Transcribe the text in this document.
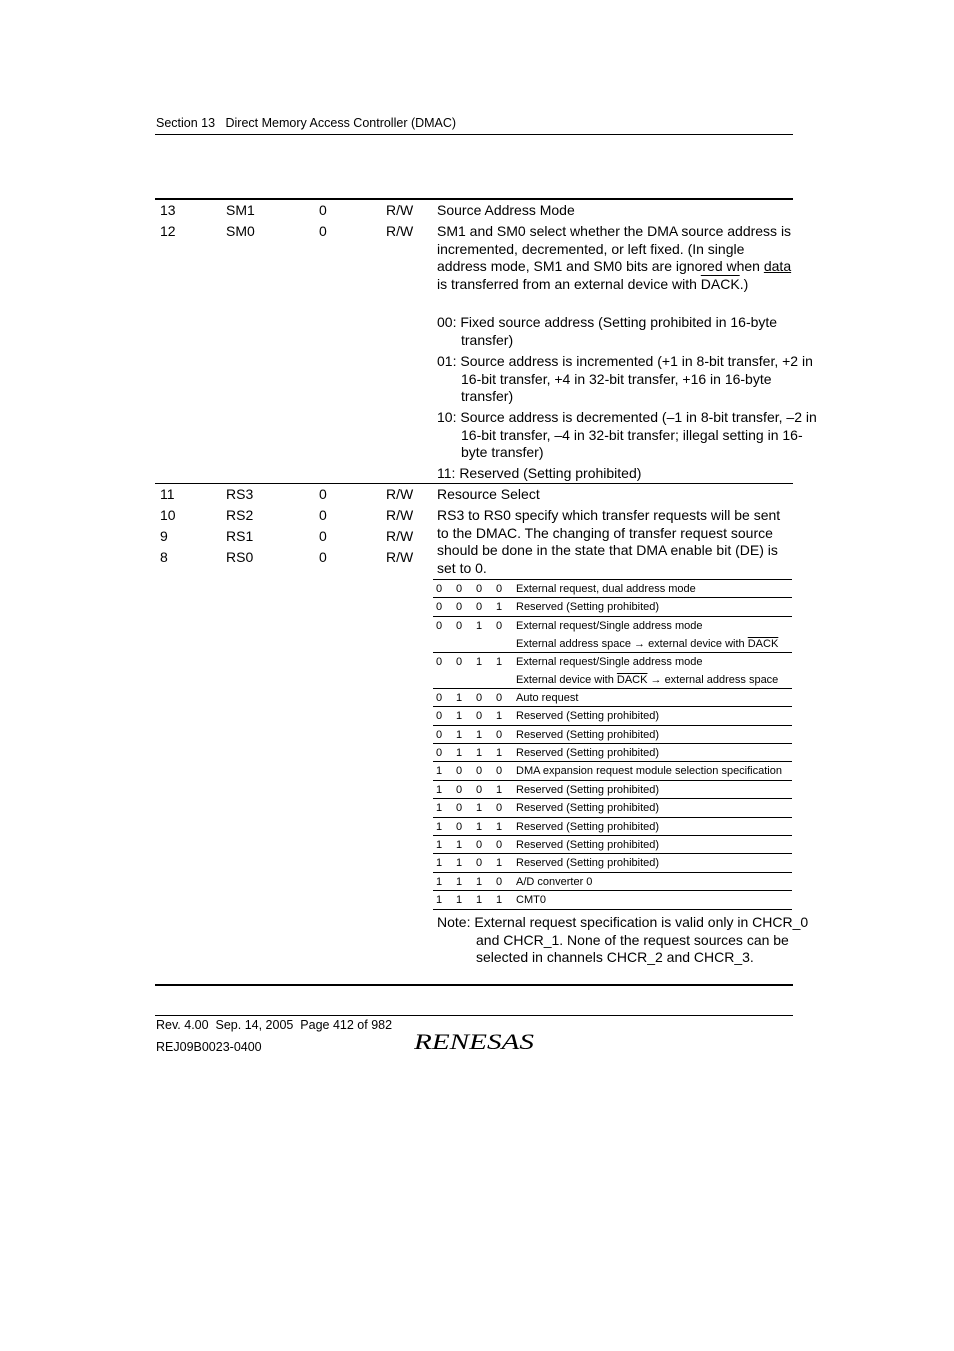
Section 13   Direct Memory Access Controller (DMAC)
13	SM1	0	R/W
12	SM0	0	R/W
Source Address Mode
SM1 and SM0 select whether the DMA source address is incremented, decremented, or left fixed. (In single address mode, SM1 and SM0 bits are ignored when data is transferred from an external device with DACK.)
00: Fixed source address (Setting prohibited in 16-byte transfer)
01: Source address is incremented (+1 in 8-bit transfer, +2 in 16-bit transfer, +4 in 32-bit transfer, +16 in 16-byte transfer)
10: Source address is decremented (–1 in 8-bit transfer, –2 in 16-bit transfer, –4 in 32-bit transfer; illegal setting in 16-byte transfer)
11: Reserved (Setting prohibited)
11	RS3	0	R/W
10	RS2	0	R/W
9	RS1	0	R/W
8	RS0	0	R/W
Resource Select
RS3 to RS0 specify which transfer requests will be sent to the DMAC. The changing of transfer request source should be done in the state that DMA enable bit (DE) is set to 0.
0 0 0 0 External request, dual address mode
0 0 0 1 Reserved (Setting prohibited)
0 0 1 0 External request/Single address mode
External address space → external device with DACK
0 0 1 1 External request/Single address mode
External device with DACK → external address space
0 1 0 0 Auto request
0 1 0 1 Reserved (Setting prohibited)
0 1 1 0 Reserved (Setting prohibited)
0 1 1 1 Reserved (Setting prohibited)
1 0 0 0 DMA expansion request module selection specification
1 0 0 1 Reserved (Setting prohibited)
1 0 1 0 Reserved (Setting prohibited)
1 0 1 1 Reserved (Setting prohibited)
1 1 0 0 Reserved (Setting prohibited)
1 1 0 1 Reserved (Setting prohibited)
1 1 1 0 A/D converter 0
1 1 1 1 CMT0
Note: External request specification is valid only in CHCR_0 and CHCR_1. None of the request sources can be selected in channels CHCR_2 and CHCR_3.
Rev. 4.00  Sep. 14, 2005  Page 412 of 982
REJ09B0023-0400	RENESAS
